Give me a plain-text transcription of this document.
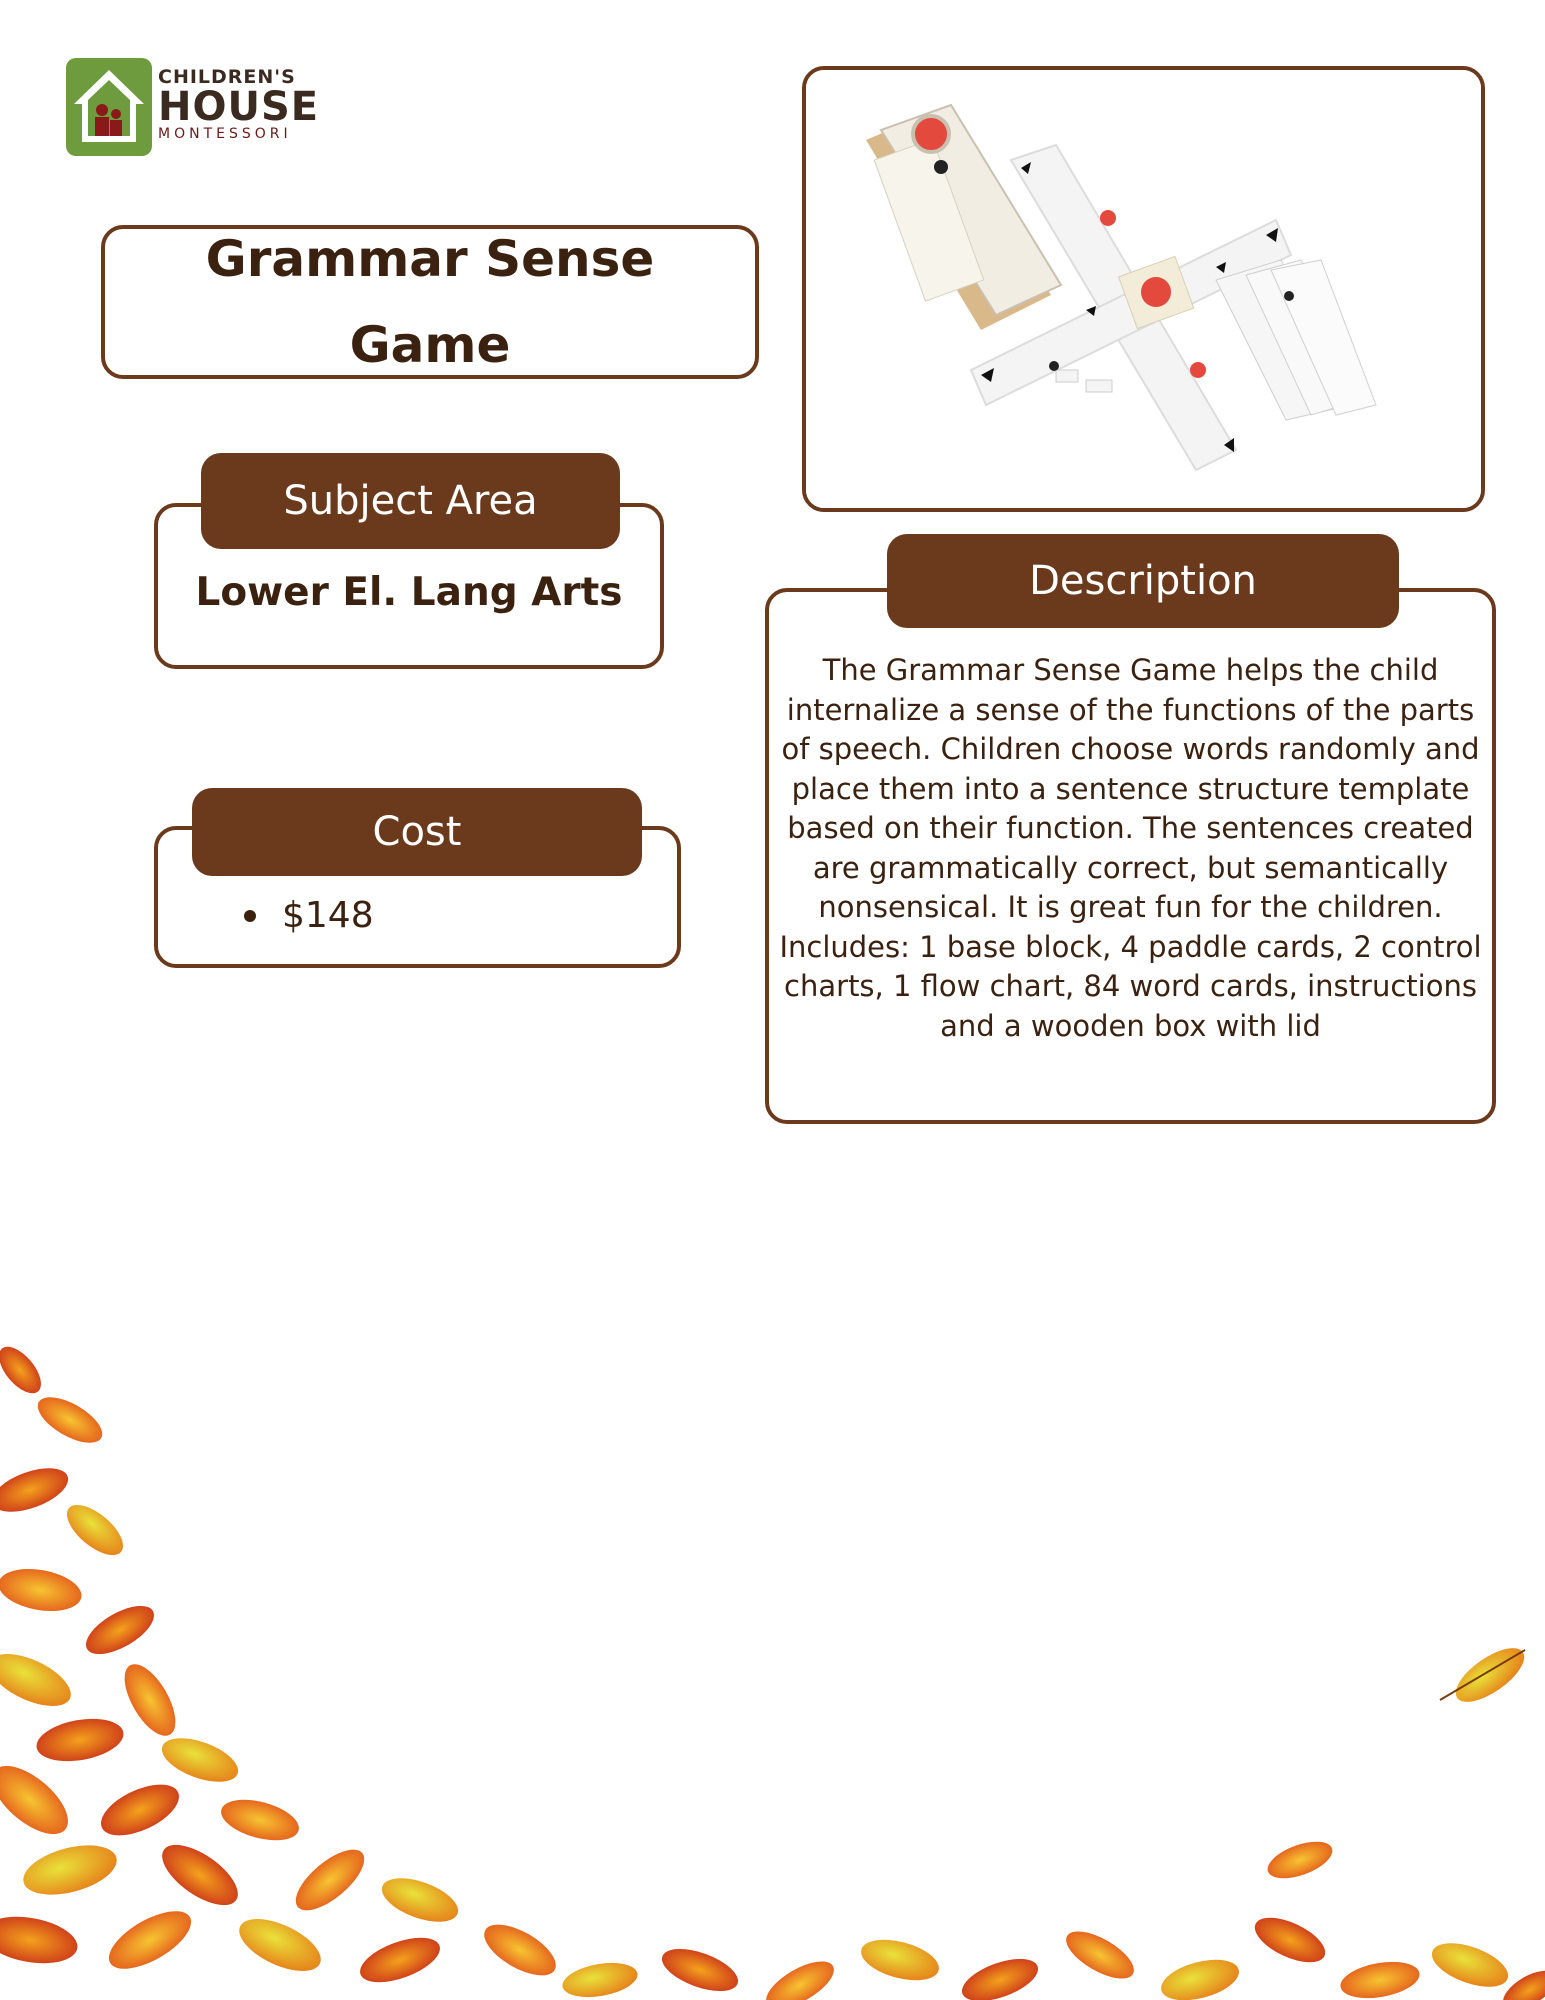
CHILDREN'S
HOUSE
MONTESSORI
Grammar Sense Game
Subject Area
Lower El. Lang Arts
Cost
$148
Description
The Grammar Sense Game helps the child internalize a sense of the functions of the parts of speech. Children choose words randomly and place them into a sentence structure template based on their function. The sentences created are grammatically correct, but semantically nonsensical. It is great fun for the children. Includes: 1 base block, 4 paddle cards, 2 control charts, 1 flow chart, 84 word cards, instructions and a wooden box with lid
